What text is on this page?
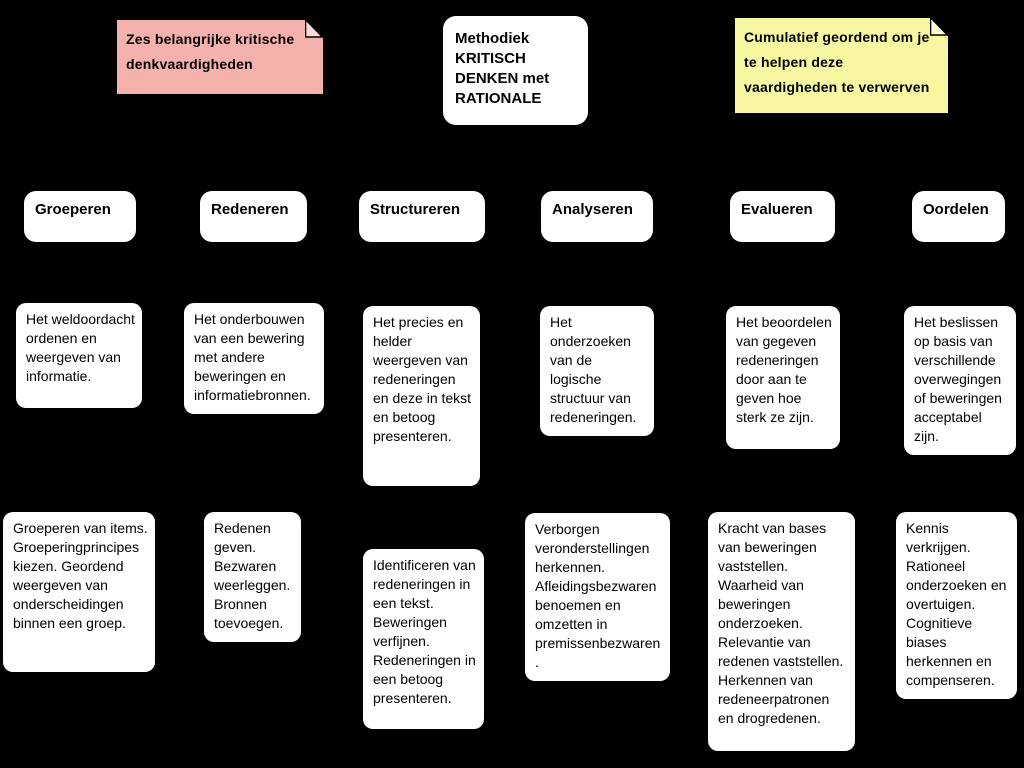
Zes belangrijke kritische
denkvaardigheden
Methodiek
KRITISCH
DENKEN met
RATIONALE
Cumulatief geordend om je
te helpen deze
vaardigheden te verwerven
Groeperen	Redeneren	Structureren	Analyseren	Evalueren	Oordelen
Het weldoordacht ordenen en weergeven van informatie.
Het onderbouwen van een bewering met andere beweringen en informatiebronnen.
Het precies en helder weergeven van redeneringen en deze in tekst en betoog presenteren.
Het onderzoeken van de logische structuur van redeneringen.
Het beoordelen van gegeven redeneringen door aan te geven hoe sterk ze zijn.
Het beslissen op basis van verschillende overwegingen of beweringen acceptabel zijn.
Groeperen van items. Groeperingprincipes kiezen. Geordend weergeven van onderscheidingen binnen een groep.
Redenen geven. Bezwaren weerleggen. Bronnen toevoegen.
Identificeren van redeneringen in een tekst. Beweringen verfijnen. Redeneringen in een betoog presenteren.
Verborgen veronderstellingen herkennen. Afleidingsbezwaren benoemen en omzetten in premissenbezwaren.
Kracht van bases van beweringen vaststellen. Waarheid van beweringen onderzoeken. Relevantie van redenen vaststellen. Herkennen van redeneerpatronen en drogredenen.
Kennis verkrijgen. Rationeel onderzoeken en overtuigen. Cognitieve biases herkennen en compenseren.
